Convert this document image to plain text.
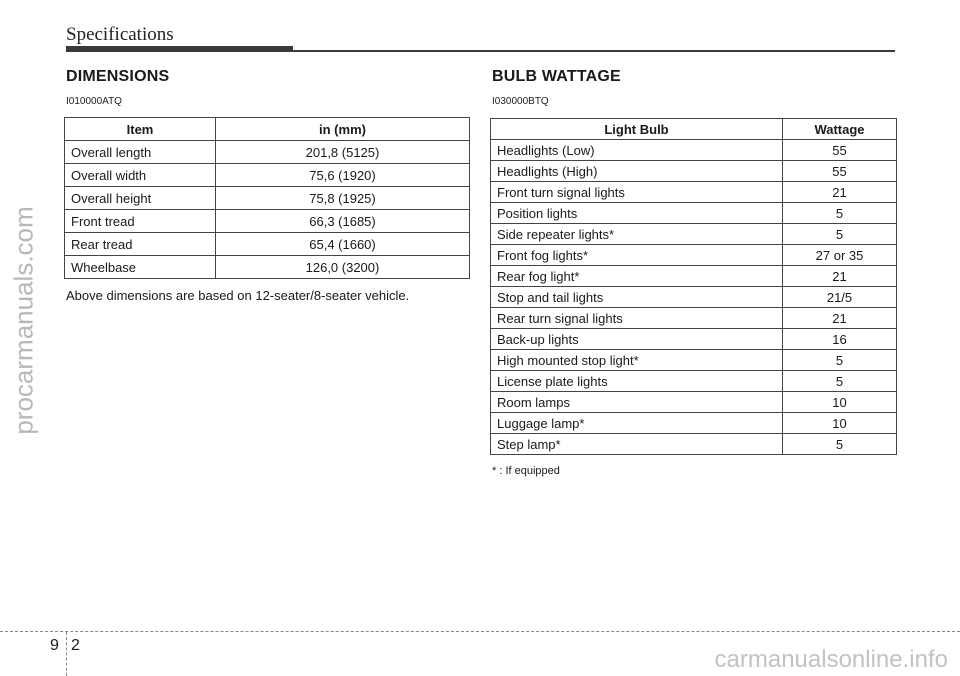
Specifications
procarmanuals.com
DIMENSIONS
I010000ATQ
Item	in (mm)
Overall length	201,8 (5125)
Overall width	75,6 (1920)
Overall height	75,8 (1925)
Front tread	66,3 (1685)
Rear tread	65,4 (1660)
Wheelbase	126,0 (3200)
Above dimensions are based on 12-seater/8-seater vehicle.
BULB WATTAGE
I030000BTQ
Light Bulb	Wattage
Headlights (Low)	55
Headlights (High)	55
Front turn signal lights	21
Position lights	5
Side repeater lights*	5
Front fog lights*	27 or 35
Rear fog light*	21
Stop and tail lights	21/5
Rear turn signal lights	21
Back-up lights	16
High mounted stop light*	5
License plate lights	5
Room lamps	10
Luggage lamp*	10
Step lamp*	5
* : If equipped
9 2
carmanualsonline.info
